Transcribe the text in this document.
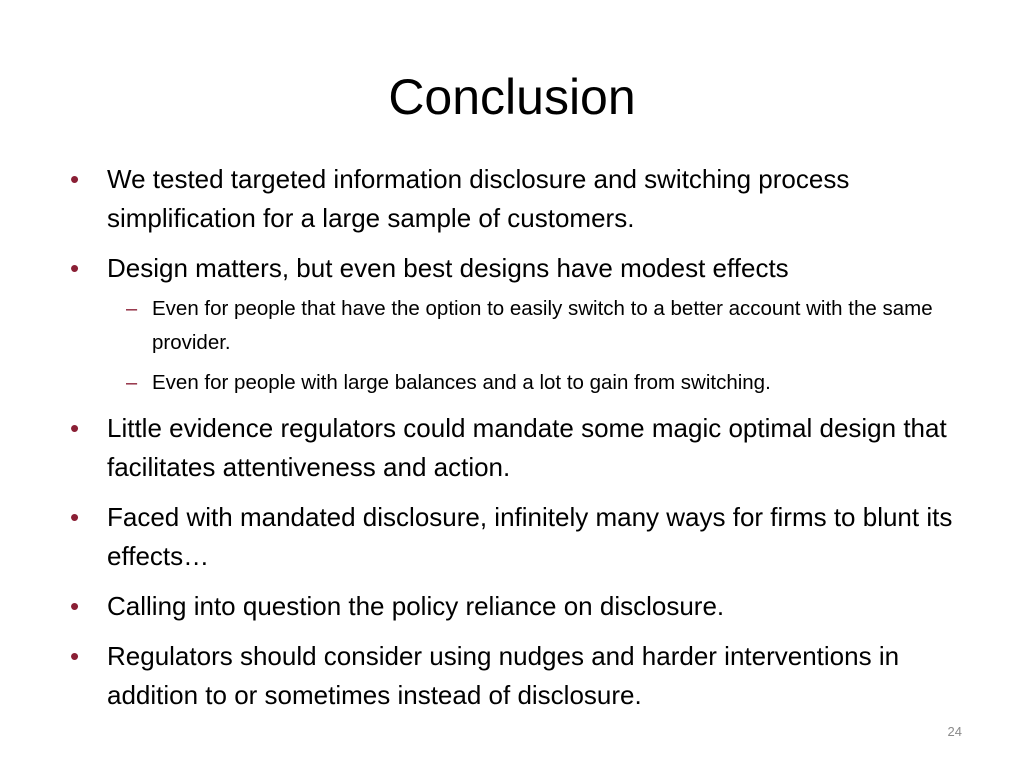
Conclusion
• We tested targeted information disclosure and switching process simplification for a large sample of customers.
• Design matters, but even best designs have modest effects
– Even for people that have the option to easily switch to a better account with the same provider.
– Even for people with large balances and a lot to gain from switching.
• Little evidence regulators could mandate some magic optimal design that facilitates attentiveness and action.
• Faced with mandated disclosure, infinitely many ways for firms to blunt its effects…
• Calling into question the policy reliance on disclosure.
• Regulators should consider using nudges and harder interventions in addition to or sometimes instead of disclosure.
24
